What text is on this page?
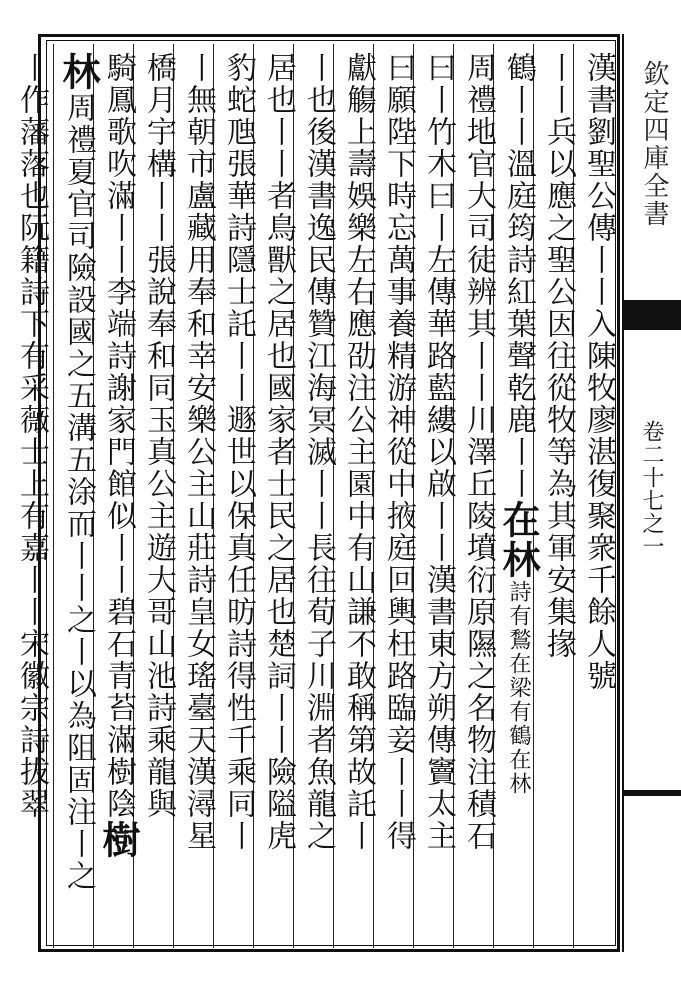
欽定四庫全書
卷二十七之一
漢書劉聖公傳丨丨入陳牧廖湛復聚衆千餘人號
丨丨兵以應之聖公因往從牧等為其軍安集掾
鶴丨丨溫庭筠詩紅葉聲乾鹿丨丨在林詩有鶖在梁有鶴在林
周禮地官大司徒辨其丨丨川澤丘陵墳衍原隰之名物注積石
曰丨竹木曰丨左傳華路藍縷以啟丨丨漢書東方朔傳竇太主
曰願陛下時忘萬事養精游神從中掖庭回輿枉路臨妾丨丨得
獻觴上壽娛樂左右應劭注公主園中有山謙不敢稱第故託丨
丨也後漢書逸民傳贊江海冥滅丨丨長往荀子川淵者魚龍之
居也丨丨者鳥獸之居也國家者士民之居也楚詞丨丨險隘虎
豹蛇虺張華詩隱士託丨丨遯世以保真任昉詩得性千乘同丨
丨無朝市盧藏用奉和幸安樂公主山莊詩皇女瑤臺天漢潯星
橋月宇構丨丨張說奉和同玉真公主遊大哥山池詩乘龍與
騎鳳歌吹滿丨丨李端詩謝家門館似丨丨碧石青苔滿樹陰樹
林周禮夏官司險設國之五溝五涂而丨丨之丨以為阻固注丨之
丨作藩落也阮籍詩下有采薇士上有嘉丨丨宋徽宗詩拔翠
